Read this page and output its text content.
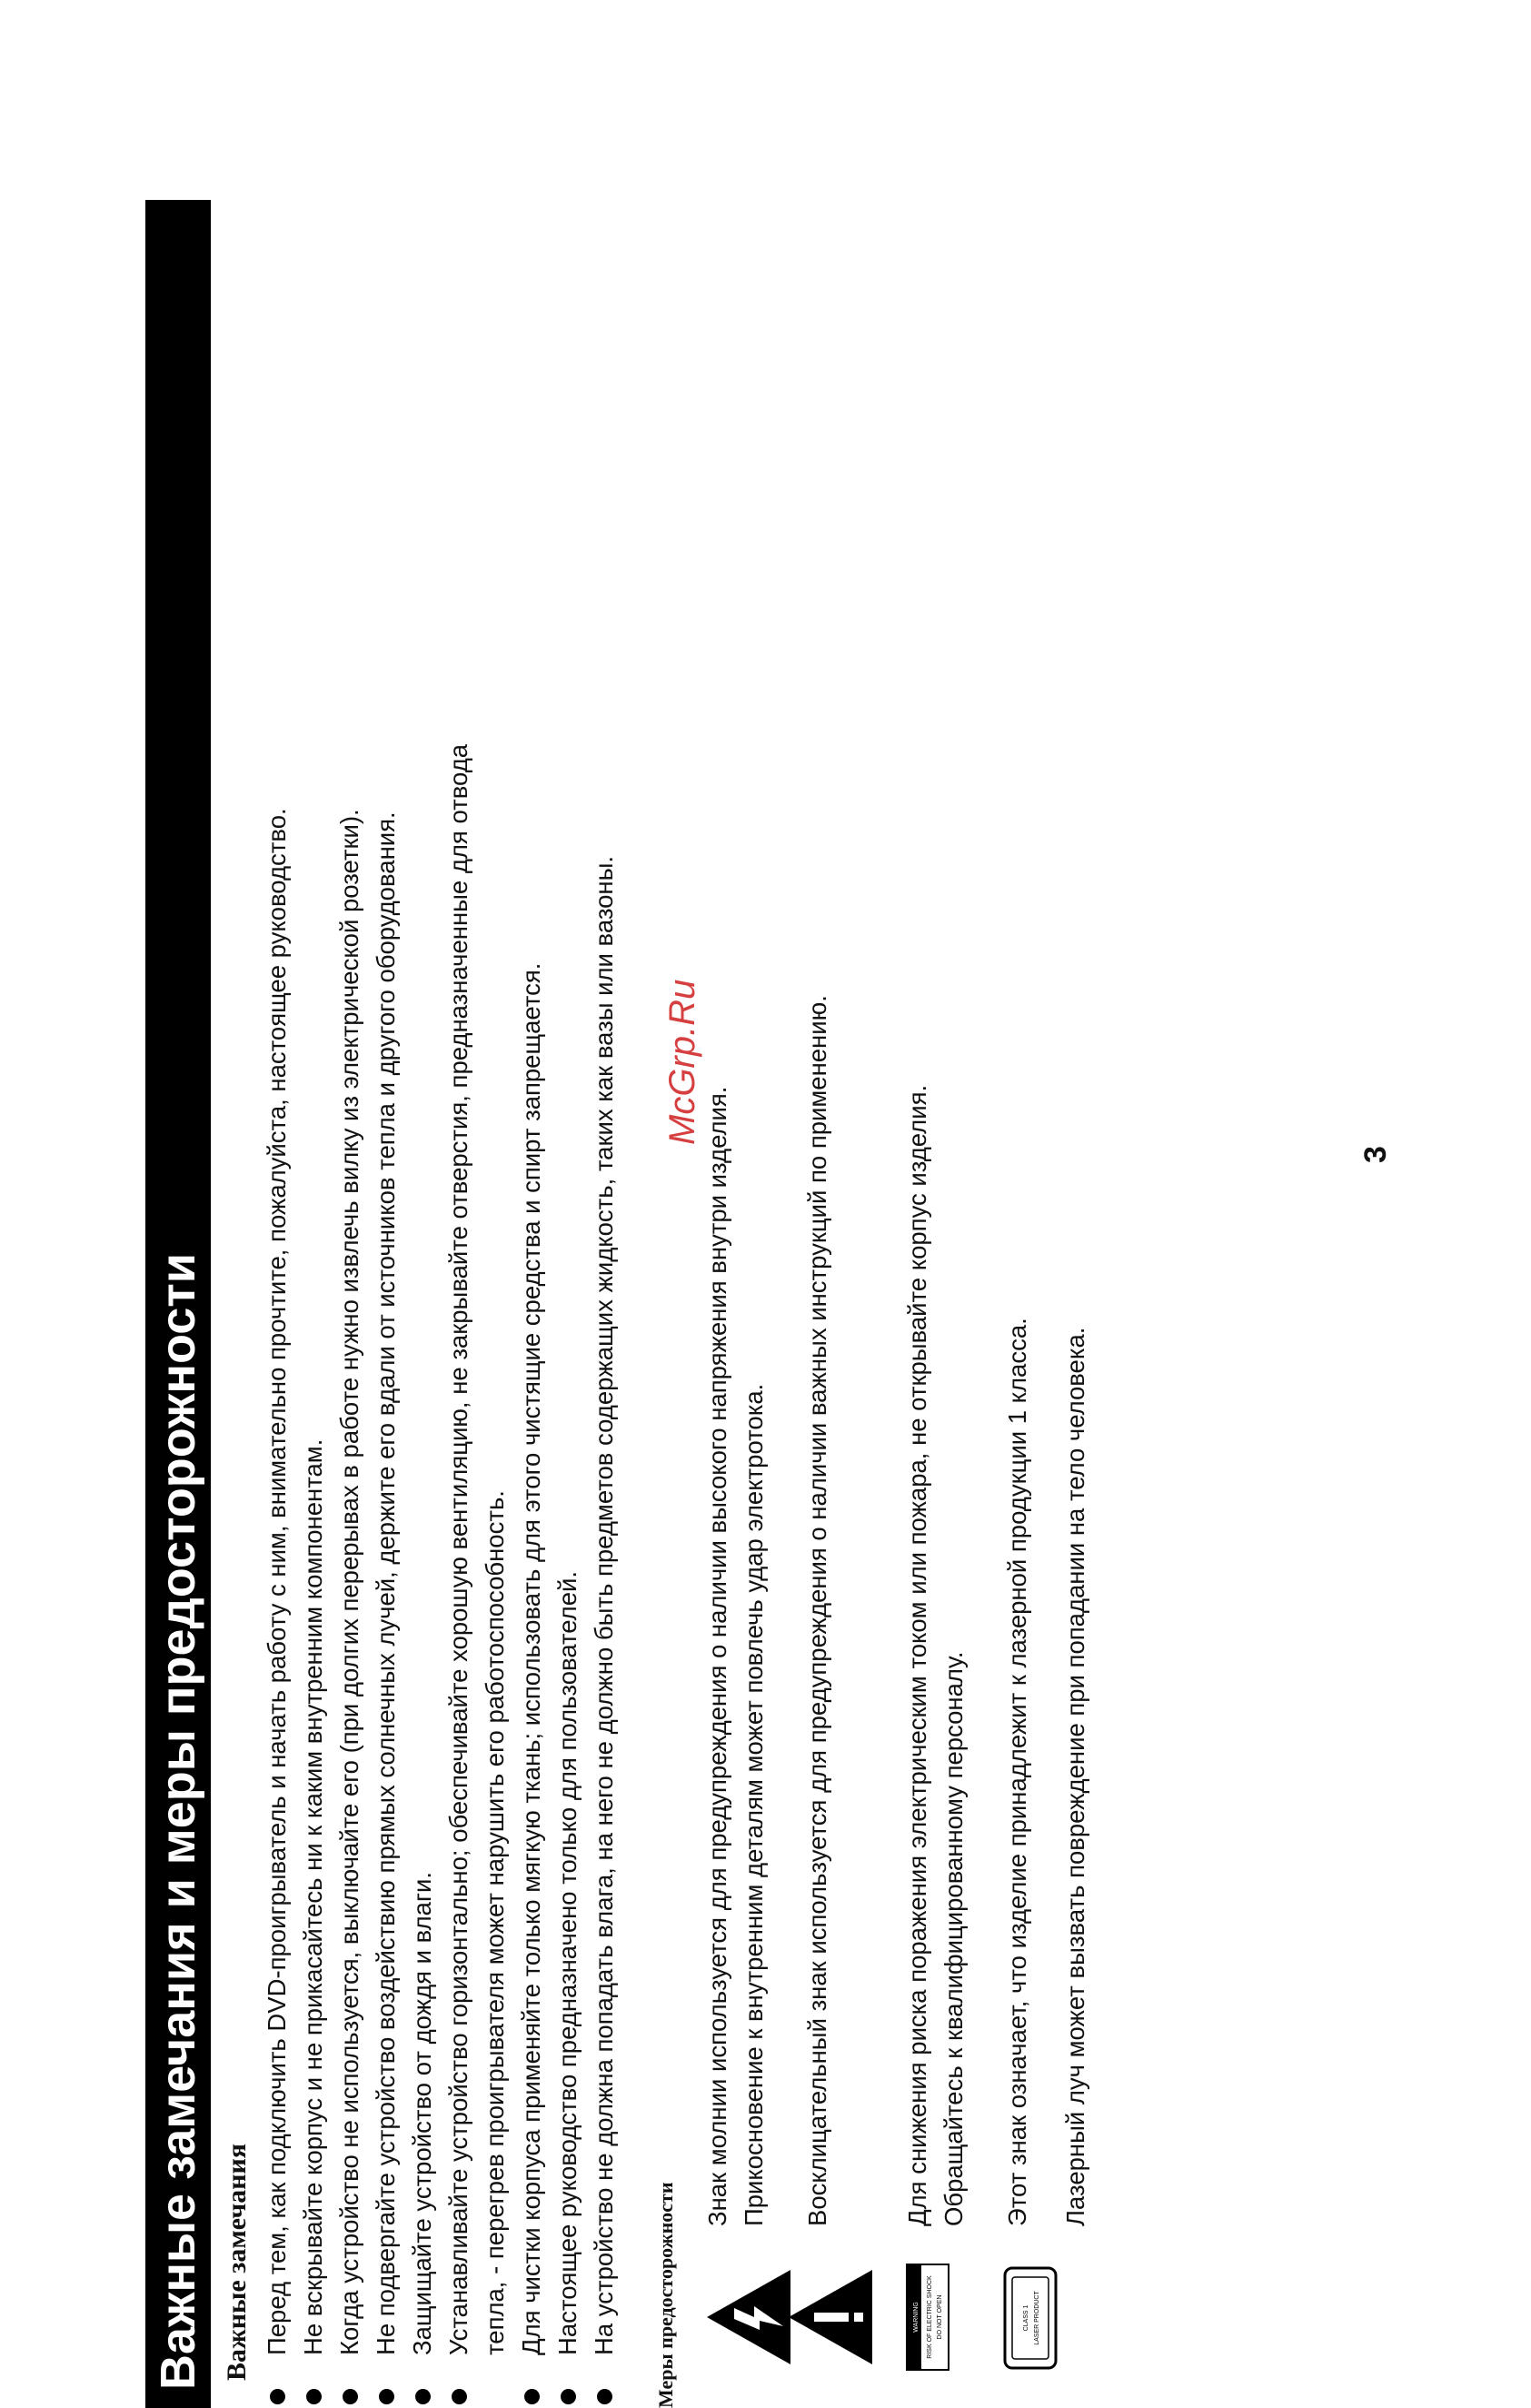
Важные замечания и меры предосторожности Важные замечания Перед тем, как подключить DVD-проигрыватель и начать работу с ним, внимательно прочтите, пожалуйста, настоящее руководство. Не вскрывайте корпус и не прикасайтесь ни к каким внутренним компонентам. Когда устройство не используется, выключайте его (при долгих перерывах в работе нужно извлечь вилку из электрической розетки). Не подвергайте устройство воздействию прямых солнечных лучей, держите его вдали от источников тепла и другого оборудования. Защищайте устройство от дождя и влаги. Устанавливайте устройство горизонтально; обеспечивайте хорошую вентиляцию, не закрывайте отверстия, предназначенные для отвода тепла, - перегрев проигрывателя может нарушить его работоспособность. Для чистки корпуса применяйте только мягкую ткань; использовать для этого чистящие средства и спирт запрещается. Настоящее руководство предназначено только для пользователей. На устройство не должна попадать влага, на него не должно быть предметов содержащих жидкость, таких как вазы или вазоны. Меры предосторожности
Знак молнии используется для предупреждения о наличии высокого напряжения внутри изделия. Прикосновение к внутренним деталям может повлечь удар электротока. Восклицательный знак используется для предупреждения о наличии важных инструкций по применению.
WARNING RISK OF ELECTRIC SHOCK DO NOT OPEN
Для снижения риска поражения электрическим током или пожара, не открывайте корпус изделия. Обращайтесь к квалифицированному персоналу.
CLASS 1 LASER PRODUCT
Этот знак означает, что изделие принадлежит к лазерной продукции 1 класса. Лазерный луч может вызвать повреждение при попадании на тело человека.
McGrp.Ru
3
